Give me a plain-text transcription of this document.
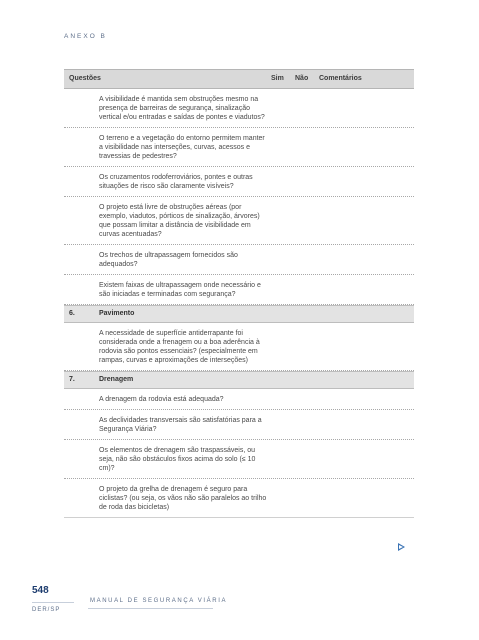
ANEXO B
Questões	Sim Não Comentários
A visibilidade é mantida sem obstruções mesmo na presença de barreiras de segurança, sinalização vertical e/ou entradas e saídas de pontes e viadutos?
O terreno e a vegetação do entorno permitem manter a visibilidade nas interseções, curvas, acessos e travessias de pedestres?
Os cruzamentos rodoferroviários, pontes e outras situações de risco são claramente visíveis?
O projeto está livre de obstruções aéreas (por exemplo, viadutos, pórticos de sinalização, árvores) que possam limitar a distância de visibilidade em curvas acentuadas?
Os trechos de ultrapassagem fornecidos são adequados?
Existem faixas de ultrapassagem onde necessário e são iniciadas e terminadas com segurança?
6.	Pavimento
A necessidade de superfície antiderrapante foi considerada onde a frenagem ou a boa aderência à rodovia são pontos essenciais? (especialmente em rampas, curvas e aproximações de interseções)
7.	Drenagem
A drenagem da rodovia está adequada?
As declividades transversais são satisfatórias para a Segurança Viária?
Os elementos de drenagem são traspassáveis, ou seja, não são obstáculos fixos acima do solo (≤ 10 cm)?
O projeto da grelha de drenagem é seguro para ciclistas? (ou seja, os vãos não são paralelos ao trilho de roda das bicicletas)
548
MANUAL DE SEGURANÇA VIÁRIA
DER/SP
